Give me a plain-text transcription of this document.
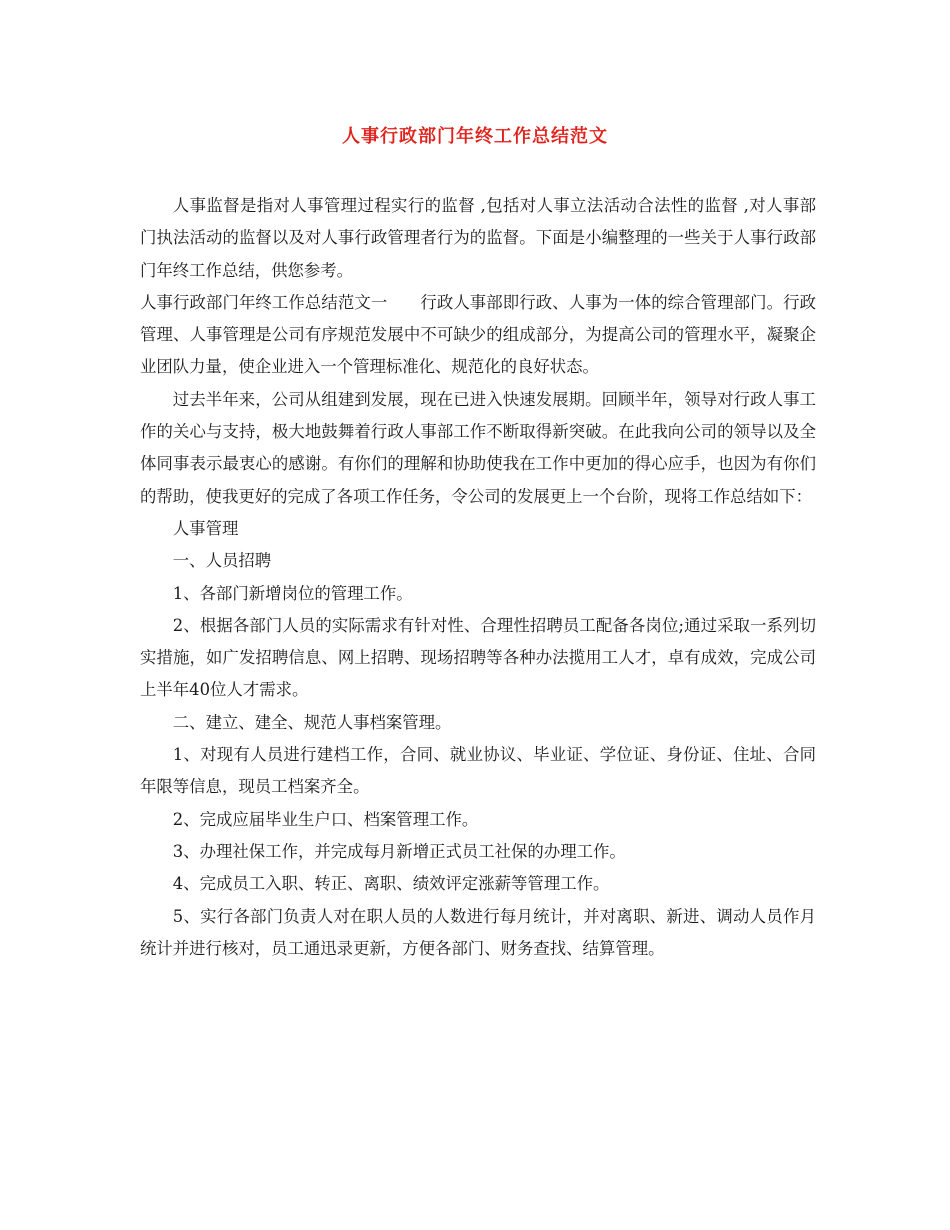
人事行政部门年终工作总结范文

人事监督是指对人事管理过程实行的监督 ,包括对人事立法活动合法性的监督 ,对人事部门执法活动的监督以及对人事行政管理者行为的监督。下面是小编整理的一些关于人事行政部门年终工作总结，供您参考。

人事行政部门年终工作总结范文一　　行政人事部即行政、人事为一体的综合管理部门。行政管理、人事管理是公司有序规范发展中不可缺少的组成部分，为提高公司的管理水平，凝聚企业团队力量，使企业进入一个管理标准化、规范化的良好状态。

过去半年来，公司从组建到发展，现在已进入快速发展期。回顾半年，领导对行政人事工作的关心与支持，极大地鼓舞着行政人事部工作不断取得新突破。在此我向公司的领导以及全体同事表示最衷心的感谢。有你们的理解和协助使我在工作中更加的得心应手，也因为有你们的帮助，使我更好的完成了各项工作任务，令公司的发展更上一个台阶，现将工作总结如下：

人事管理

一、人员招聘

1、各部门新增岗位的管理工作。

2、根据各部门人员的实际需求有针对性、合理性招聘员工配备各岗位;通过采取一系列切实措施，如广发招聘信息、网上招聘、现场招聘等各种办法揽用工人才，卓有成效，完成公司上半年40位人才需求。

二、建立、建全、规范人事档案管理。

1、对现有人员进行建档工作，合同、就业协议、毕业证、学位证、身份证、住址、合同年限等信息，现员工档案齐全。

2、完成应届毕业生户口、档案管理工作。

3、办理社保工作，并完成每月新增正式员工社保的办理工作。

4、完成员工入职、转正、离职、绩效评定涨薪等管理工作。

5、实行各部门负责人对在职人员的人数进行每月统计，并对离职、新进、调动人员作月统计并进行核对，员工通迅录更新，方便各部门、财务查找、结算管理。
